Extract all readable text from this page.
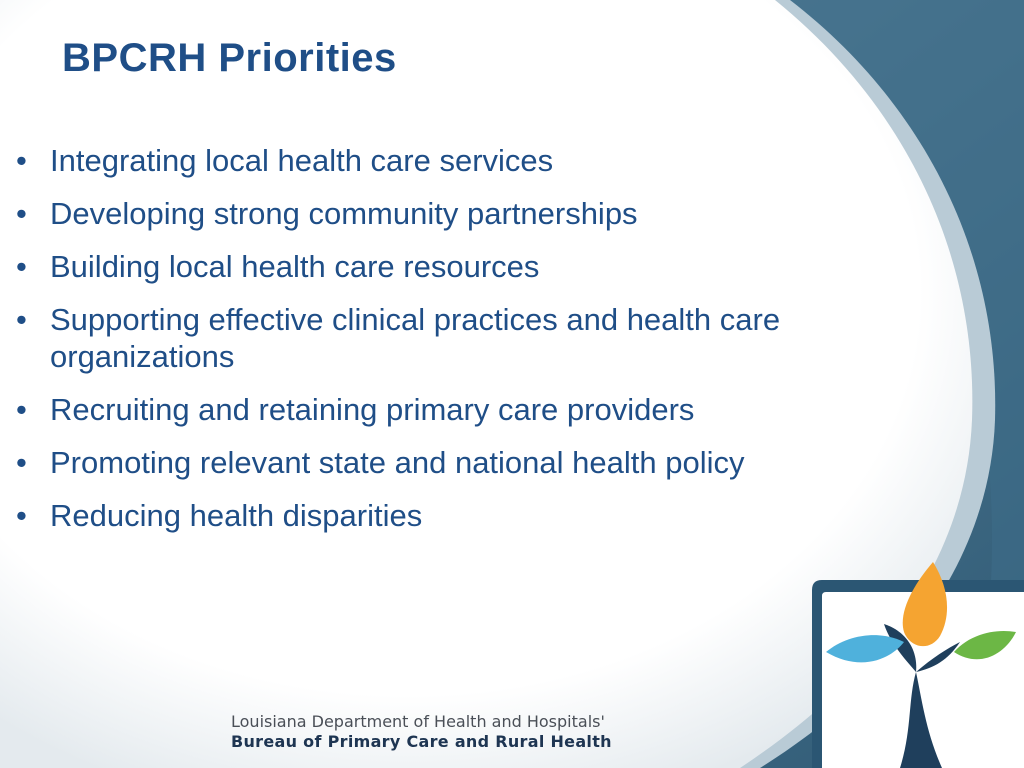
BPCRH Priorities
• Integrating local health care services
• Developing strong community partnerships
• Building local health care resources
• Supporting effective clinical practices and health care organizations
• Recruiting and retaining primary care providers
• Promoting relevant state and national health policy
• Reducing health disparities
Louisiana Department of Health and Hospitals'
Bureau of Primary Care and Rural Health
